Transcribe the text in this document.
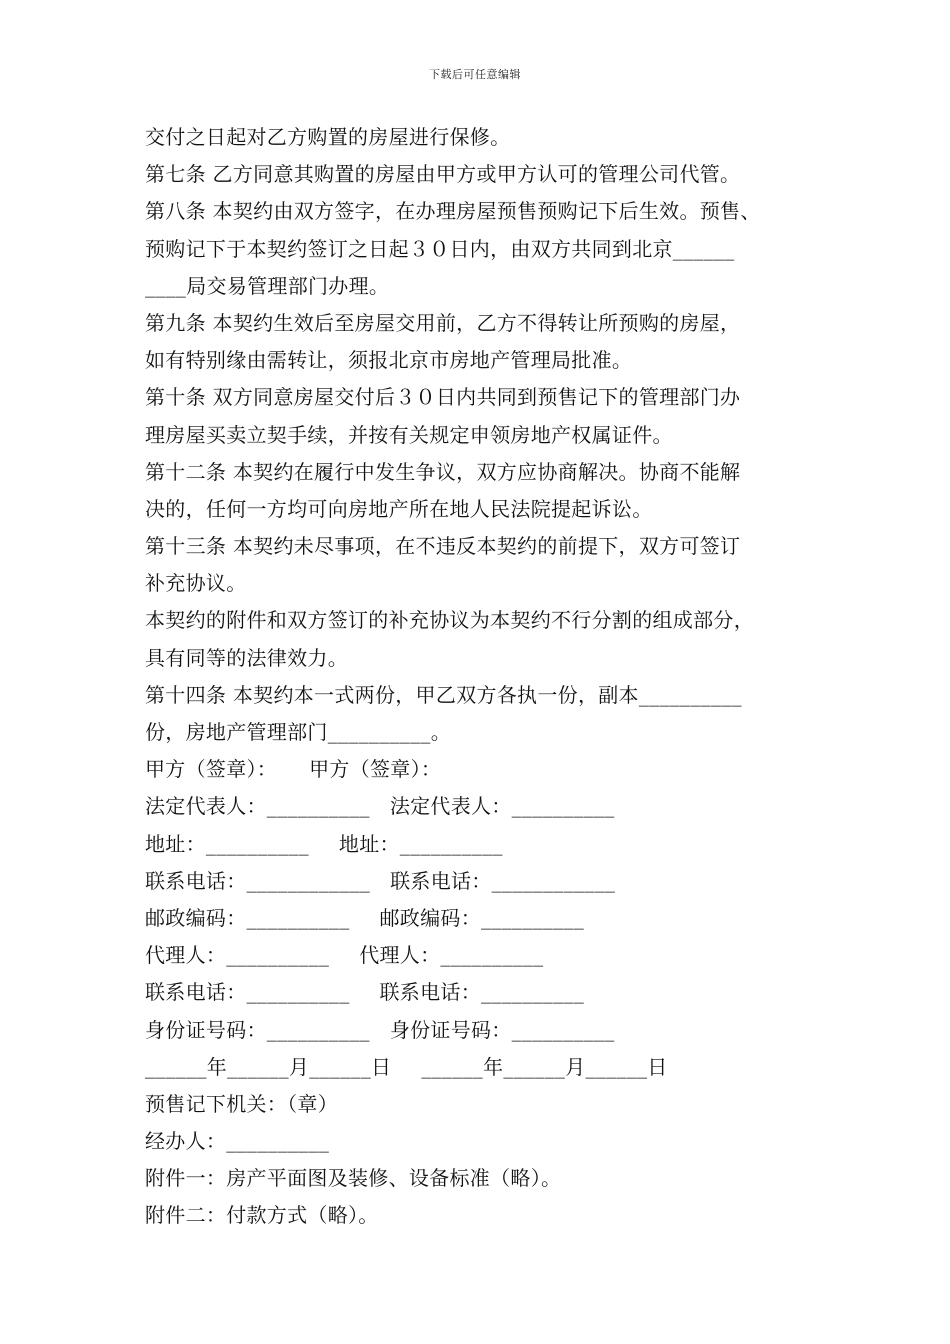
下载后可任意编辑
交付之日起对乙方购置的房屋进行保修。
第七条 乙方同意其购置的房屋由甲方或甲方认可的管理公司代管。
第八条 本契约由双方签字，在办理房屋预售预购记下后生效。预售、
预购记下于本契约签订之日起３０日内，由双方共同到北京______
____局交易管理部门办理。
第九条 本契约生效后至房屋交用前，乙方不得转让所预购的房屋，
如有特别缘由需转让，须报北京市房地产管理局批准。
第十条 双方同意房屋交付后３０日内共同到预售记下的管理部门办
理房屋买卖立契手续，并按有关规定申领房地产权属证件。
第十二条 本契约在履行中发生争议，双方应协商解决。协商不能解
决的，任何一方均可向房地产所在地人民法院提起诉讼。
第十三条 本契约未尽事项，在不违反本契约的前提下，双方可签订
补充协议。
本契约的附件和双方签订的补充协议为本契约不行分割的组成部分，
具有同等的法律效力。
第十四条 本契约本一式两份，甲乙双方各执一份，副本__________
份，房地产管理部门__________。
甲方（签章）： 甲方（签章）：
法定代表人：__________ 法定代表人：__________
地址：__________ 地址：__________
联系电话：____________ 联系电话：____________
邮政编码：__________ 邮政编码：__________
代理人：__________ 代理人：__________
联系电话：__________ 联系电话：__________
身份证号码：__________ 身份证号码：__________
______年______月______日 ______年______月______日
预售记下机关：（章）
经办人：__________
附件一：房产平面图及装修、设备标准（略）。
附件二：付款方式（略）。
